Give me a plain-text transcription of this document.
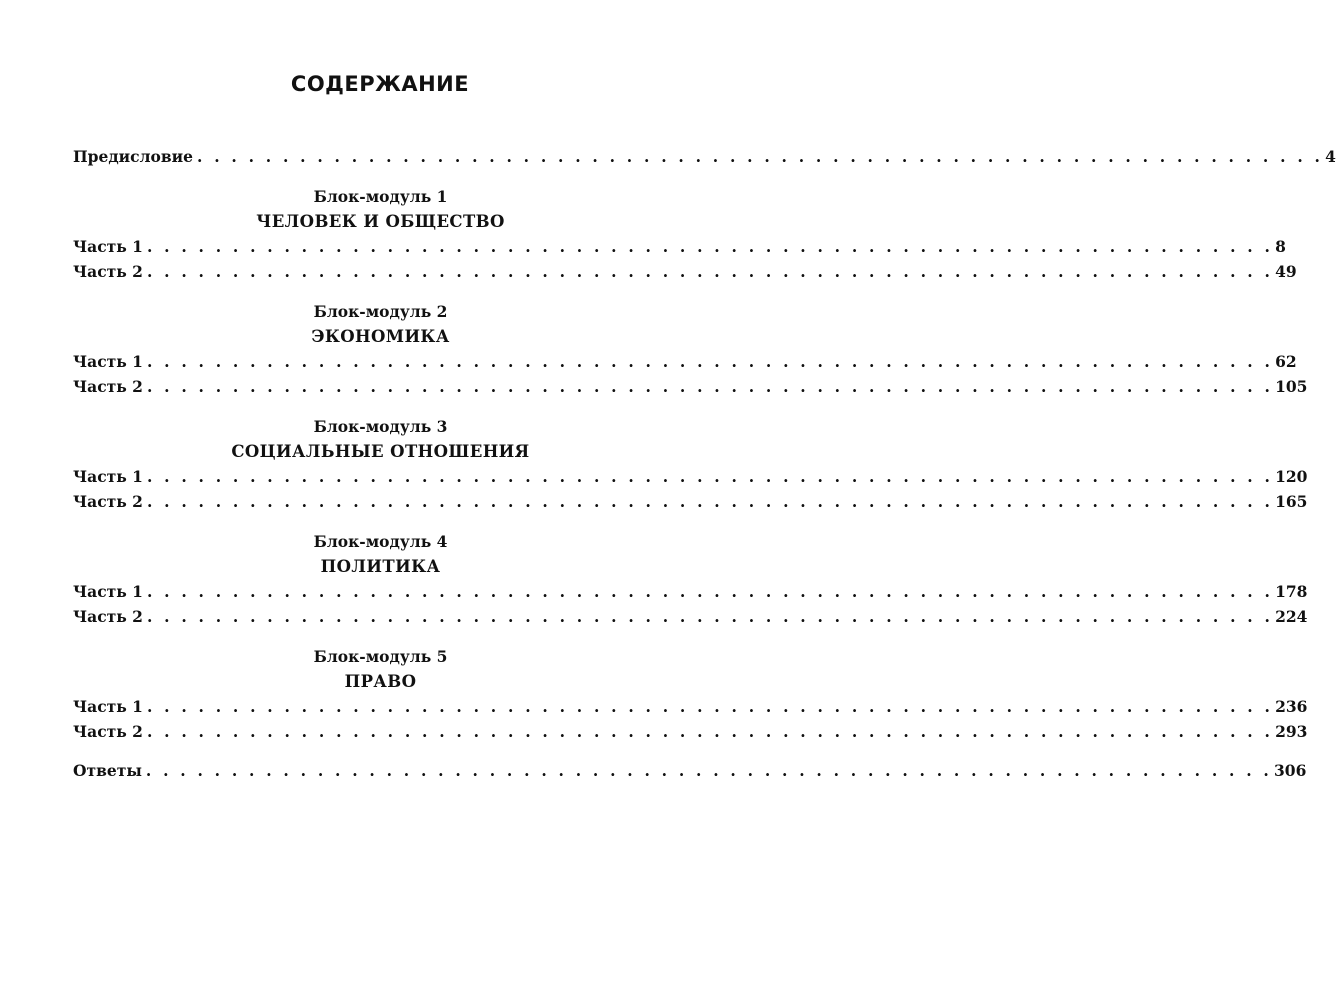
СОДЕРЖАНИЕ
Предисловие . . . . . . . . . . . . . . . . . . . . . . . . . . . . . . . . . . . . . . . . . . . . . . . . . . . . . . . . . . . . . . . . . . 4
Блок-модуль 1
ЧЕЛОВЕК И ОБЩЕСТВО
Часть 1 . . . . . . . . . . . . . . . . . . . . . . . . . . . . . . . . . . . . . . . . . . . . . . . . . . . . . . . . . . . . . . . . . . 8
Часть 2 . . . . . . . . . . . . . . . . . . . . . . . . . . . . . . . . . . . . . . . . . . . . . . . . . . . . . . . . . . . . . . . . . . 49
Блок-модуль 2
ЭКОНОМИКА
Часть 1 . . . . . . . . . . . . . . . . . . . . . . . . . . . . . . . . . . . . . . . . . . . . . . . . . . . . . . . . . . . . . . . . . . 62
Часть 2 . . . . . . . . . . . . . . . . . . . . . . . . . . . . . . . . . . . . . . . . . . . . . . . . . . . . . . . . . . . . . . . . . . 105
Блок-модуль 3
СОЦИАЛЬНЫЕ ОТНОШЕНИЯ
Часть 1 . . . . . . . . . . . . . . . . . . . . . . . . . . . . . . . . . . . . . . . . . . . . . . . . . . . . . . . . . . . . . . . . . . 120
Часть 2 . . . . . . . . . . . . . . . . . . . . . . . . . . . . . . . . . . . . . . . . . . . . . . . . . . . . . . . . . . . . . . . . . . 165
Блок-модуль 4
ПОЛИТИКА
Часть 1 . . . . . . . . . . . . . . . . . . . . . . . . . . . . . . . . . . . . . . . . . . . . . . . . . . . . . . . . . . . . . . . . . . 178
Часть 2 . . . . . . . . . . . . . . . . . . . . . . . . . . . . . . . . . . . . . . . . . . . . . . . . . . . . . . . . . . . . . . . . . . 224
Блок-модуль 5
ПРАВО
Часть 1 . . . . . . . . . . . . . . . . . . . . . . . . . . . . . . . . . . . . . . . . . . . . . . . . . . . . . . . . . . . . . . . . . . 236
Часть 2 . . . . . . . . . . . . . . . . . . . . . . . . . . . . . . . . . . . . . . . . . . . . . . . . . . . . . . . . . . . . . . . . . . 293
Ответы . . . . . . . . . . . . . . . . . . . . . . . . . . . . . . . . . . . . . . . . . . . . . . . . . . . . . . . . . . . . . . . . . . 306
